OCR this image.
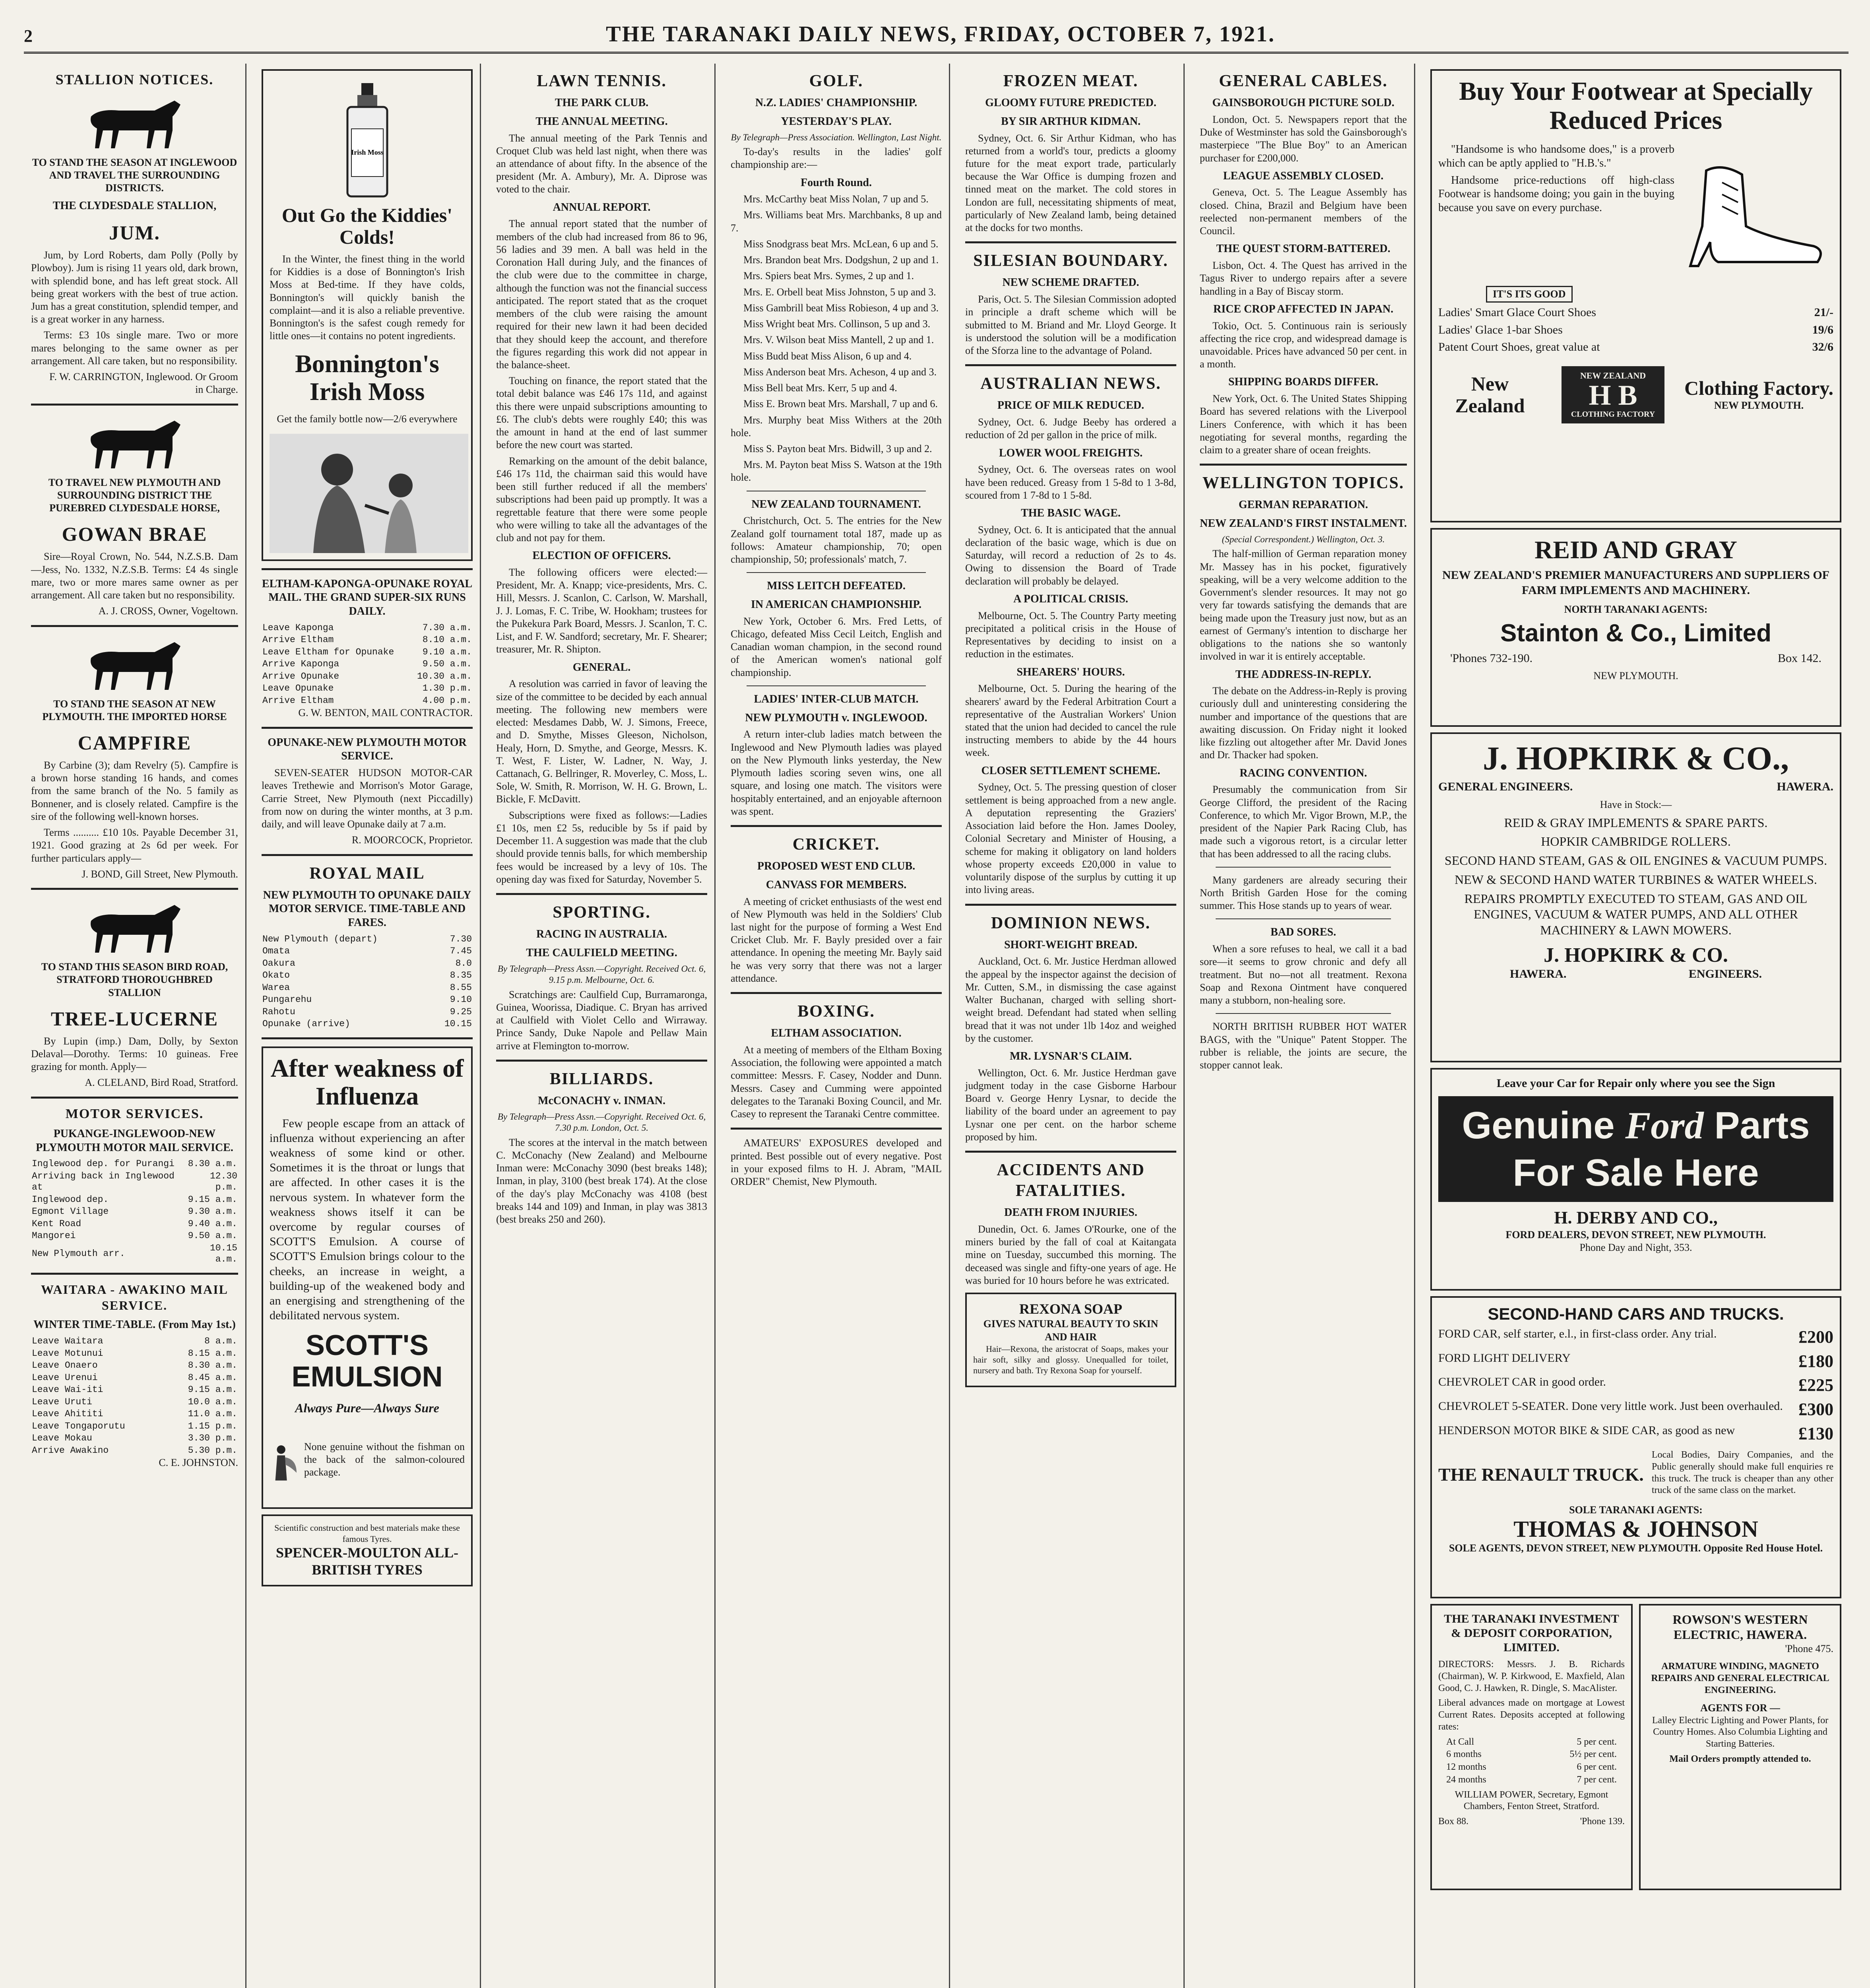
2	THE TARANAKI DAILY NEWS, FRIDAY, OCTOBER 7, 1921.
STALLION NOTICES.

TO STAND THE SEASON AT INGLEWOOD AND TRAVEL THE SURROUNDING DISTRICTS.

THE CLYDESDALE STALLION,
JUM.

Jum, by Lord Roberts, dam Polly (Polly by Plowboy). Jum is rising 11 years old, dark brown, with splendid bone, and has left great stock. All being great workers with the best of true action. Jum has a great constitution, splendid temper, and is a great worker in any harness.

Terms: £3 10s single mare. Two or more mares belonging to the same owner as per arrangement. All care taken, but no responsibility.

F. W. CARRINGTON, Inglewood. Or Groom in Charge.

TO TRAVEL NEW PLYMOUTH AND SURROUNDING DISTRICT THE PUREBRED CLYDESDALE HORSE,

GOWAN BRAE

Sire—Royal Crown, No. 544, N.Z.S.B. Dam—Jess, No. 1332, N.Z.S.B. Terms: £4 4s single mare, two or more mares same owner as per arrangement. All care taken but no responsibility.

A. J. CROSS, Owner, Vogeltown.

TO STAND THE SEASON AT NEW PLYMOUTH. THE IMPORTED HORSE

CAMPFIRE

By Carbine (3); dam Revelry (5). Campfire is a brown horse standing 16 hands, and comes from the same branch of the No. 5 family as Bonnener, and is closely related. Campfire is the sire of the following well-known horses.

Terms .......... £10 10s. Payable December 31, 1921. Good grazing at 2s 6d per week. For further particulars apply—

J. BOND, Gill Street, New Plymouth.

TO STAND THIS SEASON BIRD ROAD, STRATFORD THOROUGHBRED STALLION

TREE-LUCERNE

By Lupin (imp.) Dam, Dolly, by Sexton Delaval—Dorothy. Terms: 10 guineas. Free grazing for month. Apply—

A. CLELAND, Bird Road, Stratford.

MOTOR SERVICES.
PUKANGE-INGLEWOOD-NEW PLYMOUTH MOTOR MAIL SERVICE.
Inglewood dep. for Purangi	8.30 a.m.
Arriving back in Inglewood at	12.30 p.m.
Inglewood dep.	9.15 a.m.
Egmont Village	9.30 a.m.
Kent Road	9.40 a.m.
Mangorei	9.50 a.m.
New Plymouth arr.	10.15 a.m.
WAITARA - AWAKINO MAIL SERVICE.
WINTER TIME-TABLE. (From May 1st.)
Leave Waitara	8 a.m.
Leave Motunui	8.15 a.m.
Leave Onaero	8.30 a.m.
Leave Urenui	8.45 a.m.
Leave Wai-iti	9.15 a.m.
Leave Uruti	10.0 a.m.
Leave Ahititi	11.0 a.m.
Leave Tongaporutu	1.15 p.m.
Leave Mokau	3.30 p.m.
Arrive Awakino	5.30 p.m.

C. E. JOHNSTON.

Irish Moss
Out Go the Kiddies' Colds!

In the Winter, the finest thing in the world for Kiddies is a dose of Bonnington's Irish Moss at Bed-time. If they have colds, Bonnington's will quickly banish the complaint—and it is also a reliable preventive. Bonnington's is the safest cough remedy for little ones—it contains no potent ingredients.

Bonnington's Irish Moss
Get the family bottle now—2/6 everywhere
ELTHAM-KAPONGA-OPUNAKE ROYAL MAIL. THE GRAND SUPER-SIX RUNS DAILY.
Leave Kaponga	7.30 a.m.
Arrive Eltham	8.10 a.m.
Leave Eltham for Opunake	9.10 a.m.
Arrive Kaponga	9.50 a.m.
Arrive Opunake	10.30 a.m.
Leave Opunake	1.30 p.m.
Arrive Eltham	4.00 p.m.

G. W. BENTON, MAIL CONTRACTOR.

OPUNAKE-NEW PLYMOUTH MOTOR SERVICE.

SEVEN-SEATER HUDSON MOTOR-CAR leaves Trethewie and Morrison's Motor Garage, Carrie Street, New Plymouth (next Piccadilly) from now on during the winter months, at 3 p.m. daily, and will leave Opunake daily at 7 a.m.

R. MOORCOCK, Proprietor.

ROYAL MAIL
NEW PLYMOUTH TO OPUNAKE DAILY MOTOR SERVICE. TIME-TABLE AND FARES.
New Plymouth (depart)	7.30
Omata	7.45
Oakura	8.0
Okato	8.35
Warea	8.55
Pungarehu	9.10
Rahotu	9.25
Opunake (arrive)	10.15
After weakness of Influenza

Few people escape from an attack of influenza without experiencing an after weakness of some kind or other. Sometimes it is the throat or lungs that are affected. In other cases it is the nervous system. In whatever form the weakness shows itself it can be overcome by regular courses of SCOTT'S Emulsion. A course of SCOTT'S Emulsion brings colour to the cheeks, an increase in weight, a building-up of the weakened body and an energising and strengthening of the debilitated nervous system.

SCOTT'S EMULSION
Always Pure—Always Sure

None genuine without the fishman on the back of the salmon-coloured package.

Scientific construction and best materials make these famous Tyres.
SPENCER-MOULTON ALL-BRITISH TYRES
LAWN TENNIS.
THE PARK CLUB.
THE ANNUAL MEETING.

The annual meeting of the Park Tennis and Croquet Club was held last night, when there was an attendance of about fifty. In the absence of the president (Mr. A. Ambury), Mr. A. Diprose was voted to the chair.

ANNUAL REPORT.

The annual report stated that the number of members of the club had increased from 86 to 96, 56 ladies and 39 men. A ball was held in the Coronation Hall during July, and the finances of the club were due to the committee in charge, although the function was not the financial success anticipated. The report stated that as the croquet members of the club were raising the amount required for their new lawn it had been decided that they should keep the account, and therefore the figures regarding this work did not appear in the balance-sheet.

Touching on finance, the report stated that the total debit balance was £46 17s 11d, and against this there were unpaid subscriptions amounting to £6. The club's debts were roughly £40; this was the amount in hand at the end of last summer before the new court was started.

Remarking on the amount of the debit balance, £46 17s 11d, the chairman said this would have been still further reduced if all the members' subscriptions had been paid up promptly. It was a regrettable feature that there were some people who were willing to take all the advantages of the club and not pay for them.

ELECTION OF OFFICERS.

The following officers were elected:—President, Mr. A. Knapp; vice-presidents, Mrs. C. Hill, Messrs. J. Scanlon, C. Carlson, W. Marshall, J. J. Lomas, F. C. Tribe, W. Hookham; trustees for the Pukekura Park Board, Messrs. J. Scanlon, T. C. List, and F. W. Sandford; secretary, Mr. F. Shearer; treasurer, Mr. R. Shipton.

GENERAL.

A resolution was carried in favor of leaving the size of the committee to be decided by each annual meeting. The following new members were elected: Mesdames Dabb, W. J. Simons, Freece, and D. Smythe, Misses Gleeson, Nicholson, Healy, Horn, D. Smythe, and George, Messrs. K. T. West, F. Lister, W. Ladner, N. Way, J. Cattanach, G. Bellringer, R. Moverley, C. Moss, L. Sole, W. Smith, R. Morrison, W. H. G. Brown, L. Bickle, F. McDavitt.

Subscriptions were fixed as follows:—Ladies £1 10s, men £2 5s, reducible by 5s if paid by December 11. A suggestion was made that the club should provide tennis balls, for which membership fees would be increased by a levy of 10s. The opening day was fixed for Saturday, November 5.

SPORTING.
RACING IN AUSTRALIA.
THE CAULFIELD MEETING.
By Telegraph—Press Assn.—Copyright. Received Oct. 6, 9.15 p.m. Melbourne, Oct. 6.

Scratchings are: Caulfield Cup, Burramaronga, Guinea, Woorissa, Diadique. C. Bryan has arrived at Caulfield with Violet Cello and Wirraway. Prince Sandy, Duke Napole and Pellaw Main arrive at Flemington to-morrow.

BILLIARDS.
McCONACHY v. INMAN.
By Telegraph—Press Assn.—Copyright. Received Oct. 6, 7.30 p.m. London, Oct. 5.

The scores at the interval in the match between C. McConachy (New Zealand) and Melbourne Inman were: McConachy 3090 (best breaks 148); Inman, in play, 3100 (best break 174). At the close of the day's play McConachy was 4108 (best breaks 144 and 109) and Inman, in play was 3813 (best breaks 250 and 260).

GOLF.
N.Z. LADIES' CHAMPIONSHIP.
YESTERDAY'S PLAY.
By Telegraph—Press Association. Wellington, Last Night.

To-day's results in the ladies' golf championship are:—

Fourth Round.

Mrs. McCarthy beat Miss Nolan, 7 up and 5.

Mrs. Williams beat Mrs. Marchbanks, 8 up and 7.

Miss Snodgrass beat Mrs. McLean, 6 up and 5.

Mrs. Brandon beat Mrs. Dodgshun, 2 up and 1.

Mrs. Spiers beat Mrs. Symes, 2 up and 1.

Mrs. E. Orbell beat Miss Johnston, 5 up and 3.

Miss Gambrill beat Miss Robieson, 4 up and 3.

Miss Wright beat Mrs. Collinson, 5 up and 3.

Mrs. V. Wilson beat Miss Mantell, 2 up and 1.

Miss Budd beat Miss Alison, 6 up and 4.

Miss Anderson beat Mrs. Acheson, 4 up and 3.

Miss Bell beat Mrs. Kerr, 5 up and 4.

Miss E. Brown beat Mrs. Marshall, 7 up and 6.

Mrs. Murphy beat Miss Withers at the 20th hole.

Miss S. Payton beat Mrs. Bidwill, 3 up and 2.

Mrs. M. Payton beat Miss S. Watson at the 19th hole.

NEW ZEALAND TOURNAMENT.

Christchurch, Oct. 5. The entries for the New Zealand golf tournament total 187, made up as follows: Amateur championship, 70; open championship, 50; professionals' match, 7.

MISS LEITCH DEFEATED.
IN AMERICAN CHAMPIONSHIP.

New York, October 6. Mrs. Fred Letts, of Chicago, defeated Miss Cecil Leitch, English and Canadian woman champion, in the second round of the American women's national golf championship.

LADIES' INTER-CLUB MATCH.
NEW PLYMOUTH v. INGLEWOOD.

A return inter-club ladies match between the Inglewood and New Plymouth ladies was played on the New Plymouth links yesterday, the New Plymouth ladies scoring seven wins, one all square, and losing one match. The visitors were hospitably entertained, and an enjoyable afternoon was spent.

CRICKET.
PROPOSED WEST END CLUB.
CANVASS FOR MEMBERS.

A meeting of cricket enthusiasts of the west end of New Plymouth was held in the Soldiers' Club last night for the purpose of forming a West End Cricket Club. Mr. F. Bayly presided over a fair attendance. In opening the meeting Mr. Bayly said he was very sorry that there was not a larger attendance.

BOXING.
ELTHAM ASSOCIATION.

At a meeting of members of the Eltham Boxing Association, the following were appointed a match committee: Messrs. F. Casey, Nodder and Dunn. Messrs. Casey and Cumming were appointed delegates to the Taranaki Boxing Council, and Mr. Casey to represent the Taranaki Centre committee.

AMATEURS' EXPOSURES developed and printed. Best possible out of every negative. Post in your exposed films to H. J. Abram, "MAIL ORDER" Chemist, New Plymouth.

FROZEN MEAT.
GLOOMY FUTURE PREDICTED.
BY SIR ARTHUR KIDMAN.

Sydney, Oct. 6. Sir Arthur Kidman, who has returned from a world's tour, predicts a gloomy future for the meat export trade, particularly because the War Office is dumping frozen and tinned meat on the market. The cold stores in London are full, necessitating shipments of meat, particularly of New Zealand lamb, being detained at the docks for two months.

SILESIAN BOUNDARY.
NEW SCHEME DRAFTED.

Paris, Oct. 5. The Silesian Commission adopted in principle a draft scheme which will be submitted to M. Briand and Mr. Lloyd George. It is understood the solution will be a modification of the Sforza line to the advantage of Poland.

AUSTRALIAN NEWS.
PRICE OF MILK REDUCED.

Sydney, Oct. 6. Judge Beeby has ordered a reduction of 2d per gallon in the price of milk.

LOWER WOOL FREIGHTS.

Sydney, Oct. 6. The overseas rates on wool have been reduced. Greasy from 1 5-8d to 1 3-8d, scoured from 1 7-8d to 1 5-8d.

THE BASIC WAGE.

Sydney, Oct. 6. It is anticipated that the annual declaration of the basic wage, which is due on Saturday, will record a reduction of 2s to 4s. Owing to dissension the Board of Trade declaration will probably be delayed.

A POLITICAL CRISIS.

Melbourne, Oct. 5. The Country Party meeting precipitated a political crisis in the House of Representatives by deciding to insist on a reduction in the estimates.

SHEARERS' HOURS.

Melbourne, Oct. 5. During the hearing of the shearers' award by the Federal Arbitration Court a representative of the Australian Workers' Union stated that the union had decided to cancel the rule instructing members to abide by the 44 hours week.

CLOSER SETTLEMENT SCHEME.

Sydney, Oct. 5. The pressing question of closer settlement is being approached from a new angle. A deputation representing the Graziers' Association laid before the Hon. James Dooley, Colonial Secretary and Minister of Housing, a scheme for making it obligatory on land holders whose property exceeds £20,000 in value to voluntarily dispose of the surplus by cutting it up into living areas.

DOMINION NEWS.
SHORT-WEIGHT BREAD.

Auckland, Oct. 6. Mr. Justice Herdman allowed the appeal by the inspector against the decision of Mr. Cutten, S.M., in dismissing the case against Walter Buchanan, charged with selling short-weight bread. Defendant had stated when selling bread that it was not under 1lb 14oz and weighed by the customer.

MR. LYSNAR'S CLAIM.

Wellington, Oct. 6. Mr. Justice Herdman gave judgment today in the case Gisborne Harbour Board v. George Henry Lysnar, to decide the liability of the board under an agreement to pay Lysnar one per cent. on the harbor scheme proposed by him.

ACCIDENTS AND FATALITIES.
DEATH FROM INJURIES.

Dunedin, Oct. 6. James O'Rourke, one of the miners buried by the fall of coal at Kaitangata mine on Tuesday, succumbed this morning. The deceased was single and fifty-one years of age. He was buried for 10 hours before he was extricated.

REXONA SOAP
GIVES NATURAL BEAUTY TO SKIN AND HAIR

Hair—Rexona, the aristocrat of Soaps, makes your hair soft, silky and glossy. Unequalled for toilet, nursery and bath. Try Rexona Soap for yourself.

GENERAL CABLES.
GAINSBOROUGH PICTURE SOLD.

London, Oct. 5. Newspapers report that the Duke of Westminster has sold the Gainsborough's masterpiece "The Blue Boy" to an American purchaser for £200,000.

LEAGUE ASSEMBLY CLOSED.

Geneva, Oct. 5. The League Assembly has closed. China, Brazil and Belgium have been reelected non-permanent members of the Council.

THE QUEST STORM-BATTERED.

Lisbon, Oct. 4. The Quest has arrived in the Tagus River to undergo repairs after a severe handling in a Bay of Biscay storm.

RICE CROP AFFECTED IN JAPAN.

Tokio, Oct. 5. Continuous rain is seriously affecting the rice crop, and widespread damage is unavoidable. Prices have advanced 50 per cent. in a month.

SHIPPING BOARDS DIFFER.

New York, Oct. 6. The United States Shipping Board has severed relations with the Liverpool Liners Conference, with which it has been negotiating for several months, regarding the claim to a greater share of ocean freights.

WELLINGTON TOPICS.
GERMAN REPARATION.
NEW ZEALAND'S FIRST INSTALMENT.
(Special Correspondent.) Wellington, Oct. 3.

The half-million of German reparation money Mr. Massey has in his pocket, figuratively speaking, will be a very welcome addition to the Government's slender resources. It may not go very far towards satisfying the demands that are being made upon the Treasury just now, but as an earnest of Germany's intention to discharge her obligations to the nations she so wantonly involved in war it is entirely acceptable.

THE ADDRESS-IN-REPLY.

The debate on the Address-in-Reply is proving curiously dull and uninteresting considering the number and importance of the questions that are awaiting discussion. On Friday night it looked like fizzling out altogether after Mr. David Jones and Dr. Thacker had spoken.

RACING CONVENTION.

Presumably the communication from Sir George Clifford, the president of the Racing Conference, to which Mr. Vigor Brown, M.P., the president of the Napier Park Racing Club, has made such a vigorous retort, is a circular letter that has been addressed to all the racing clubs.

Many gardeners are already securing their North British Garden Hose for the coming summer. This Hose stands up to years of wear.

BAD SORES.

When a sore refuses to heal, we call it a bad sore—it seems to grow chronic and defy all treatment. But no—not all treatment. Rexona Soap and Rexona Ointment have conquered many a stubborn, non-healing sore.

NORTH BRITISH RUBBER HOT WATER BAGS, with the "Unique" Patent Stopper. The rubber is reliable, the joints are secure, the stopper cannot leak.

Buy Your Footwear at Specially Reduced Prices

"Handsome is who handsome does," is a proverb which can be aptly applied to "H.B.'s."

Handsome price-reductions off high-class Footwear is handsome doing; you gain in the buying because you save on every purchase.

IT'S ITS GOOD
Ladies' Smart Glace Court Shoes	21/-
Ladies' Glace 1-bar Shoes	19/6
Patent Court Shoes, great value at	32/6
New Zealand
NEW ZEALAND
H B
CLOTHING FACTORY
Clothing Factory.
NEW PLYMOUTH.
REID AND GRAY
NEW ZEALAND'S PREMIER MANUFACTURERS AND SUPPLIERS OF FARM IMPLEMENTS AND MACHINERY.
NORTH TARANAKI AGENTS:
Stainton & Co., Limited
'Phones 732-190.	Box 142.
NEW PLYMOUTH.
J. HOPKIRK & CO.,
GENERAL ENGINEERS.	HAWERA.
Have in Stock:—
REID & GRAY IMPLEMENTS & SPARE PARTS.
HOPKIR CAMBRIDGE ROLLERS.
SECOND HAND STEAM, GAS & OIL ENGINES & VACUUM PUMPS.
NEW & SECOND HAND WATER TURBINES & WATER WHEELS.
REPAIRS PROMPTLY EXECUTED TO STEAM, GAS AND OIL ENGINES, VACUUM & WATER PUMPS, AND ALL OTHER MACHINERY & LAWN MOWERS.
J. HOPKIRK & CO.
HAWERA.	ENGINEERS.
Leave your Car for Repair only where you see the Sign
Genuine Ford Parts
For Sale Here
H. DERBY AND CO.,
FORD DEALERS, DEVON STREET, NEW PLYMOUTH.
Phone Day and Night, 353.
SECOND-HAND CARS AND TRUCKS.
FORD CAR, self starter, e.l., in first-class order. Any trial.	£200
FORD LIGHT DELIVERY	£180
CHEVROLET CAR in good order.	£225
CHEVROLET 5-SEATER. Done very little work. Just been overhauled. £300
HENDERSON MOTOR BIKE & SIDE CAR, as good as new	£130
THE RENAULT TRUCK.

Local Bodies, Dairy Companies, and the Public generally should make full enquiries re this truck. The truck is cheaper than any other truck of the same class on the market.

SOLE TARANAKI AGENTS:
THOMAS & JOHNSON
SOLE AGENTS, DEVON STREET, NEW PLYMOUTH. Opposite Red House Hotel.
THE TARANAKI INVESTMENT & DEPOSIT CORPORATION, LIMITED.

DIRECTORS: Messrs. J. B. Richards (Chairman), W. P. Kirkwood, E. Maxfield, Alan Good, C. J. Hawken, R. Dingle, S. MacAlister.

Liberal advances made on mortgage at Lowest Current Rates. Deposits accepted at following rates:

At Call	5 per cent.
6 months	5½ per cent.
12 months	6 per cent.
24 months	7 per cent.

WILLIAM POWER, Secretary, Egmont Chambers, Fenton Street, Stratford.

Box 88.	'Phone 139.
ROWSON'S WESTERN ELECTRIC, HAWERA.
'Phone 475.

ARMATURE WINDING, MAGNETO REPAIRS AND GENERAL ELECTRICAL ENGINEERING.

AGENTS FOR —

Lalley Electric Lighting and Power Plants, for Country Homes. Also Columbia Lighting and Starting Batteries.

Mail Orders promptly attended to.
